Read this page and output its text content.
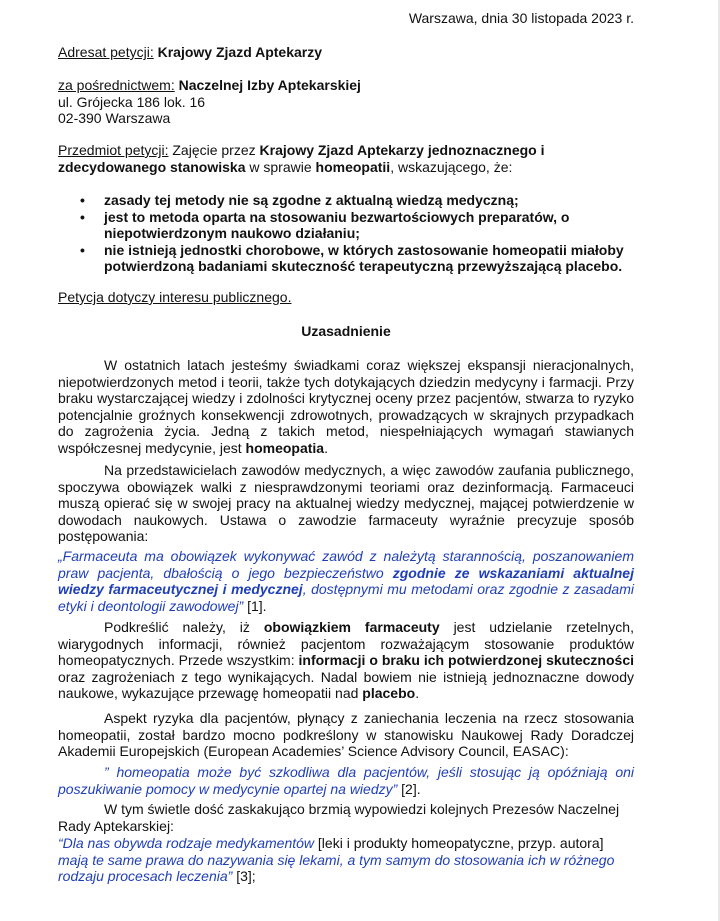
Warszawa, dnia 30 listopada 2023 r.
Adresat petycji: Krajowy Zjazd Aptekarzy
za pośrednictwem: Naczelnej Izby Aptekarskiej
ul. Grójecka 186 lok. 16
02-390 Warszawa
Przedmiot petycji: Zajęcie przez Krajowy Zjazd Aptekarzy jednoznacznego i zdecydowanego stanowiska w sprawie homeopatii, wskazującego, że:
• zasady tej metody nie są zgodne z aktualną wiedzą medyczną;
• jest to metoda oparta na stosowaniu bezwartościowych preparatów, o niepotwierdzonym naukowo działaniu;
• nie istnieją jednostki chorobowe, w których zastosowanie homeopatii miałoby potwierdzoną badaniami skuteczność terapeutyczną przewyższającą placebo.
Petycja dotyczy interesu publicznego.
Uzasadnienie
W ostatnich latach jesteśmy świadkami coraz większej ekspansji nieracjonalnych, niepotwierdzonych metod i teorii, także tych dotykających dziedzin medycyny i farmacji. Przy braku wystarczającej wiedzy i zdolności krytycznej oceny przez pacjentów, stwarza to ryzyko potencjalnie groźnych konsekwencji zdrowotnych, prowadzących w skrajnych przypadkach do zagrożenia życia. Jedną z takich metod, niespełniających wymagań stawianych współczesnej medycynie, jest homeopatia.
Na przedstawicielach zawodów medycznych, a więc zawodów zaufania publicznego, spoczywa obowiązek walki z niesprawdzonymi teoriami oraz dezinformacją. Farmaceuci muszą opierać się w swojej pracy na aktualnej wiedzy medycznej, mającej potwierdzenie w dowodach naukowych. Ustawa o zawodzie farmaceuty wyraźnie precyzuje sposób postępowania:
„Farmaceuta ma obowiązek wykonywać zawód z należytą starannością, poszanowaniem praw pacjenta, dbałością o jego bezpieczeństwo zgodnie ze wskazaniami aktualnej wiedzy farmaceutycznej i medycznej, dostępnymi mu metodami oraz zgodnie z zasadami etyki i deontologii zawodowej” [1].
Podkreślić należy, iż obowiązkiem farmaceuty jest udzielanie rzetelnych, wiarygodnych informacji, również pacjentom rozważającym stosowanie produktów homeopatycznych. Przede wszystkim: informacji o braku ich potwierdzonej skuteczności oraz zagrożeniach z tego wynikających. Nadal bowiem nie istnieją jednoznaczne dowody naukowe, wykazujące przewagę homeopatii nad placebo.
Aspekt ryzyka dla pacjentów, płynący z zaniechania leczenia na rzecz stosowania homeopatii, został bardzo mocno podkreślony w stanowisku Naukowej Rady Doradczej Akademii Europejskich (European Academies’ Science Advisory Council, EASAC):
” homeopatia może być szkodliwa dla pacjentów, jeśli stosując ją opóźniają oni poszukiwanie pomocy w medycynie opartej na wiedzy” [2].
W tym świetle dość zaskakująco brzmią wypowiedzi kolejnych Prezesów Naczelnej Rady Aptekarskiej:
“Dla nas obywda rodzaje medykamentów [leki i produkty homeopatyczne, przyp. autora] mają te same prawa do nazywania się lekami, a tym samym do stosowania ich w różnego rodzaju procesach leczenia” [3];
